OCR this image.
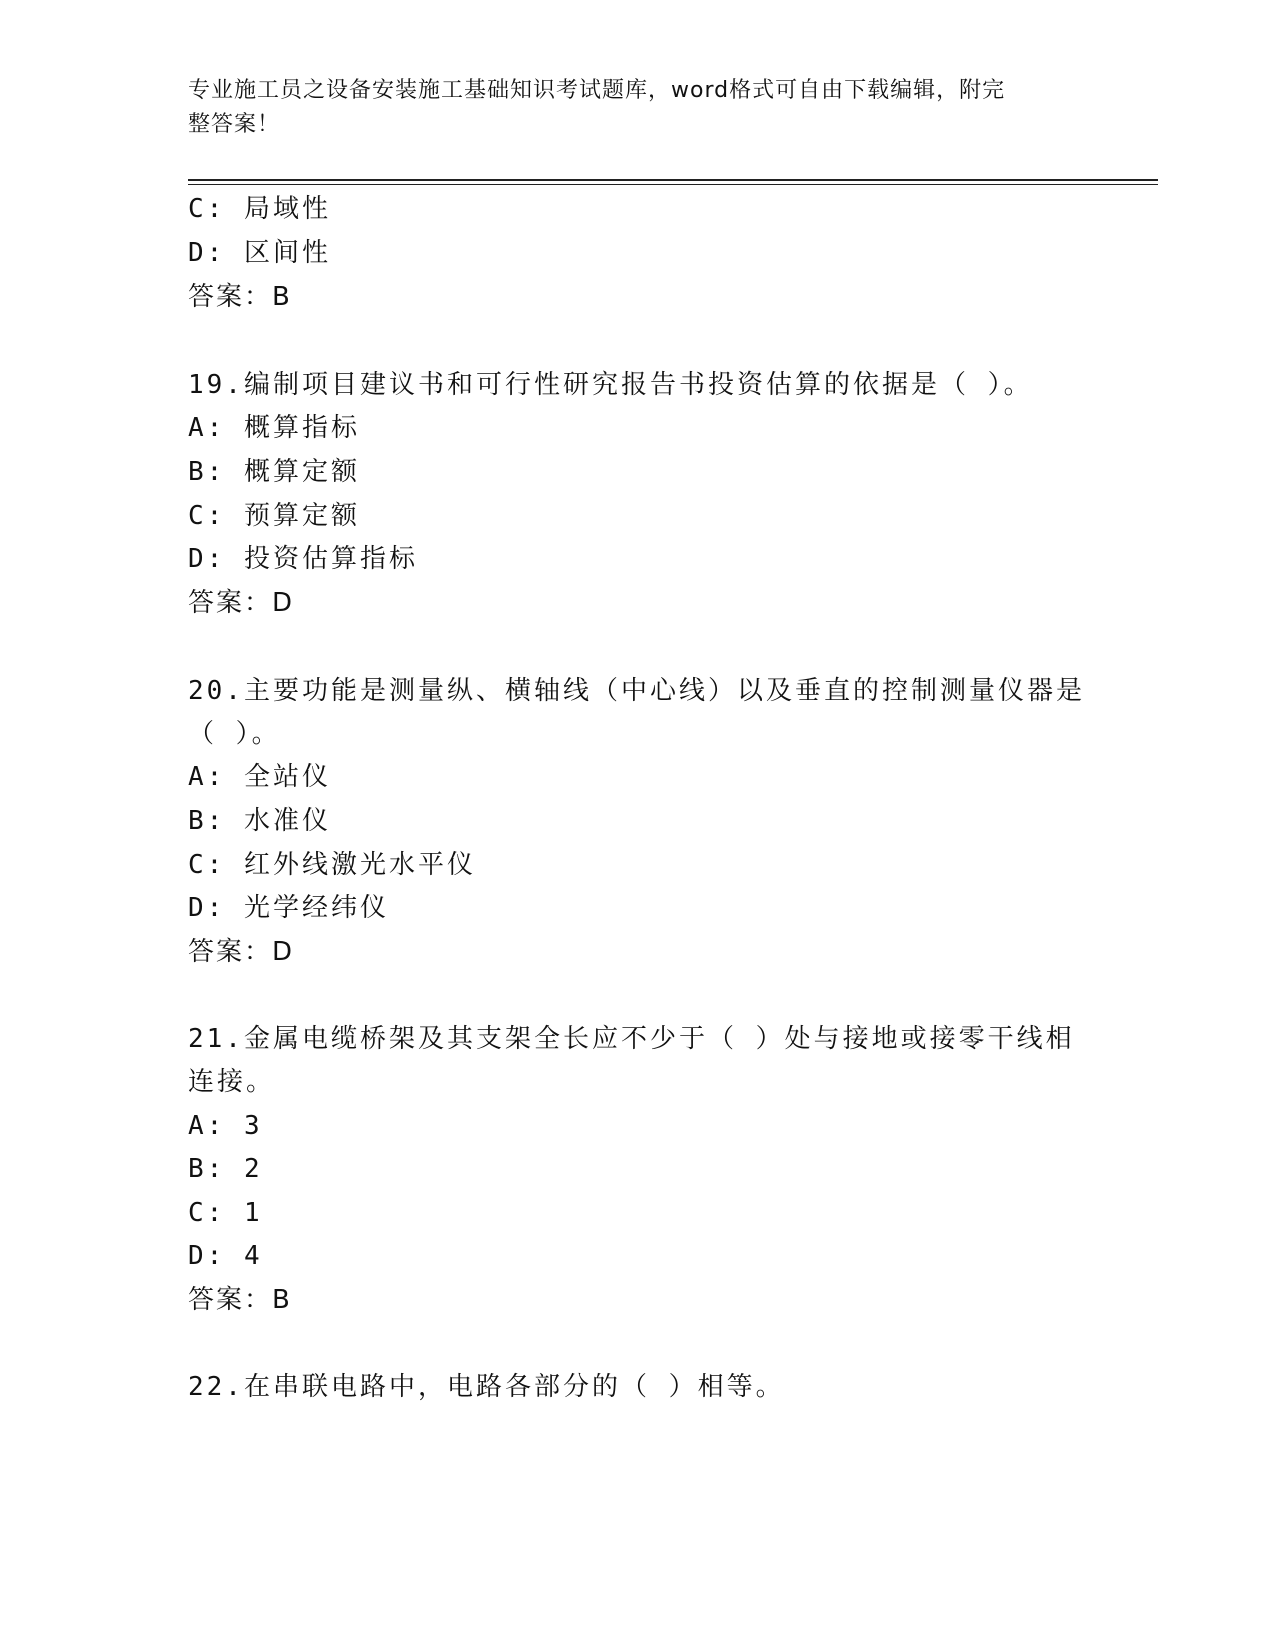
专业施工员之设备安装施工基础知识考试题库，word格式可自由下载编辑，附完
整答案！
C: 局域性
D: 区间性
答案：B
19.编制项目建议书和可行性研究报告书投资估算的依据是（ ）。
A: 概算指标
B: 概算定额
C: 预算定额
D: 投资估算指标
答案：D
20.主要功能是测量纵、横轴线（中心线）以及垂直的控制测量仪器是
（ ）。
A: 全站仪
B: 水准仪
C: 红外线激光水平仪
D: 光学经纬仪
答案：D
21.金属电缆桥架及其支架全长应不少于（ ）处与接地或接零干线相
连接。
A: 3
B: 2
C: 1
D: 4
答案：B
22.在串联电路中，电路各部分的（ ）相等。
